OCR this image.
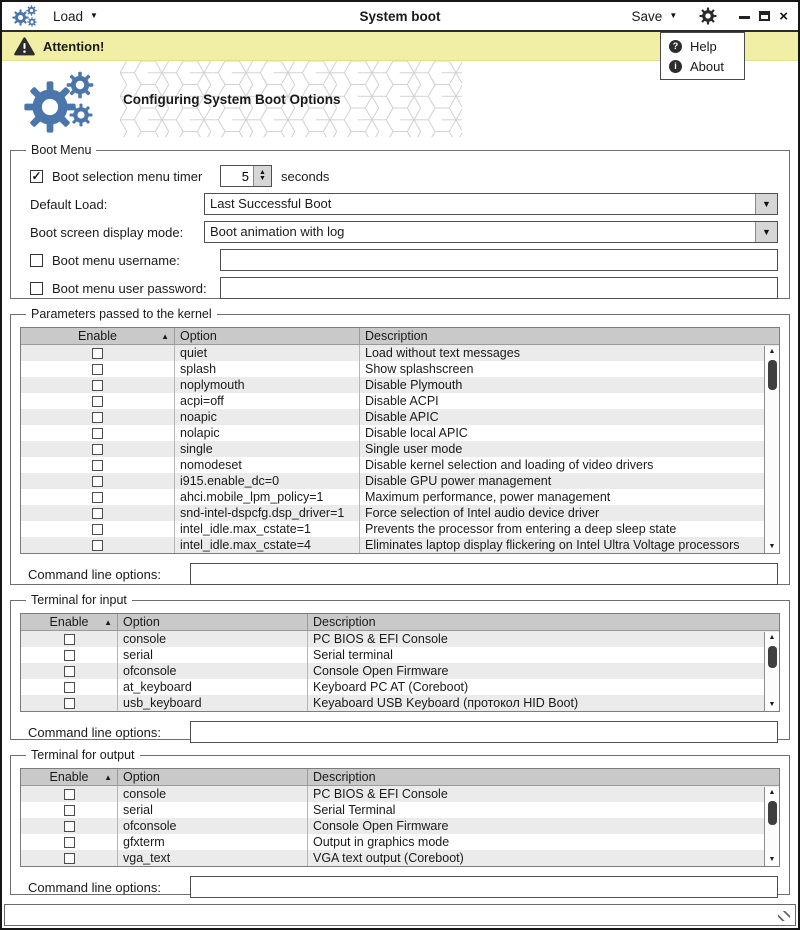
Load ▼	System boot	Save ▼	×
Attention!	? Help
i	About
Configuring System Boot Options
Boot Menu
✓ Boot selection menu timer
5	▲
▼ seconds
Default Load:	Last Successful Boot	▼
Boot screen display mode:	Boot animation with log	▼
Boot menu username:
Boot menu user password:
Parameters passed to the kernel
Enable	▲ Option	Description
quiet	Load without text messages
splash	Show splashscreen
noplymouth	Disable Plymouth
acpi=off	Disable ACPI
noapic	Disable APIC
nolapic	Disable local APIC
single	Single user mode
nomodeset	Disable kernel selection and loading of video drivers
i915.enable_dc=0	Disable GPU power management
ahci.mobile_lpm_policy=1	Maximum performance, power management
snd-intel-dspcfg.dsp_driver=1	Force selection of Intel audio device driver
intel_idle.max_cstate=1	Prevents the processor from entering a deep sleep state
intel_idle.max_cstate=4	Eliminates laptop display flickering on Intel Ultra Voltage processors
▲
▼
Command line options:
Terminal for input
Enable ▲ Option	Description
console	PC BIOS & EFI Console
serial	Serial terminal
ofconsole	Console Open Firmware
at_keyboard	Keyboard PC AT (Coreboot)
usb_keyboard	Keyaboard USB Keyboard (протокол HID Boot)
▲
▼
Command line options:
Terminal for output
Enable ▲ Option	Description
console	PC BIOS & EFI Console
serial	Serial Terminal
ofconsole	Console Open Firmware
gfxterm	Output in graphics mode
vga_text	VGA text output (Coreboot)
▲
▼
Command line options:
